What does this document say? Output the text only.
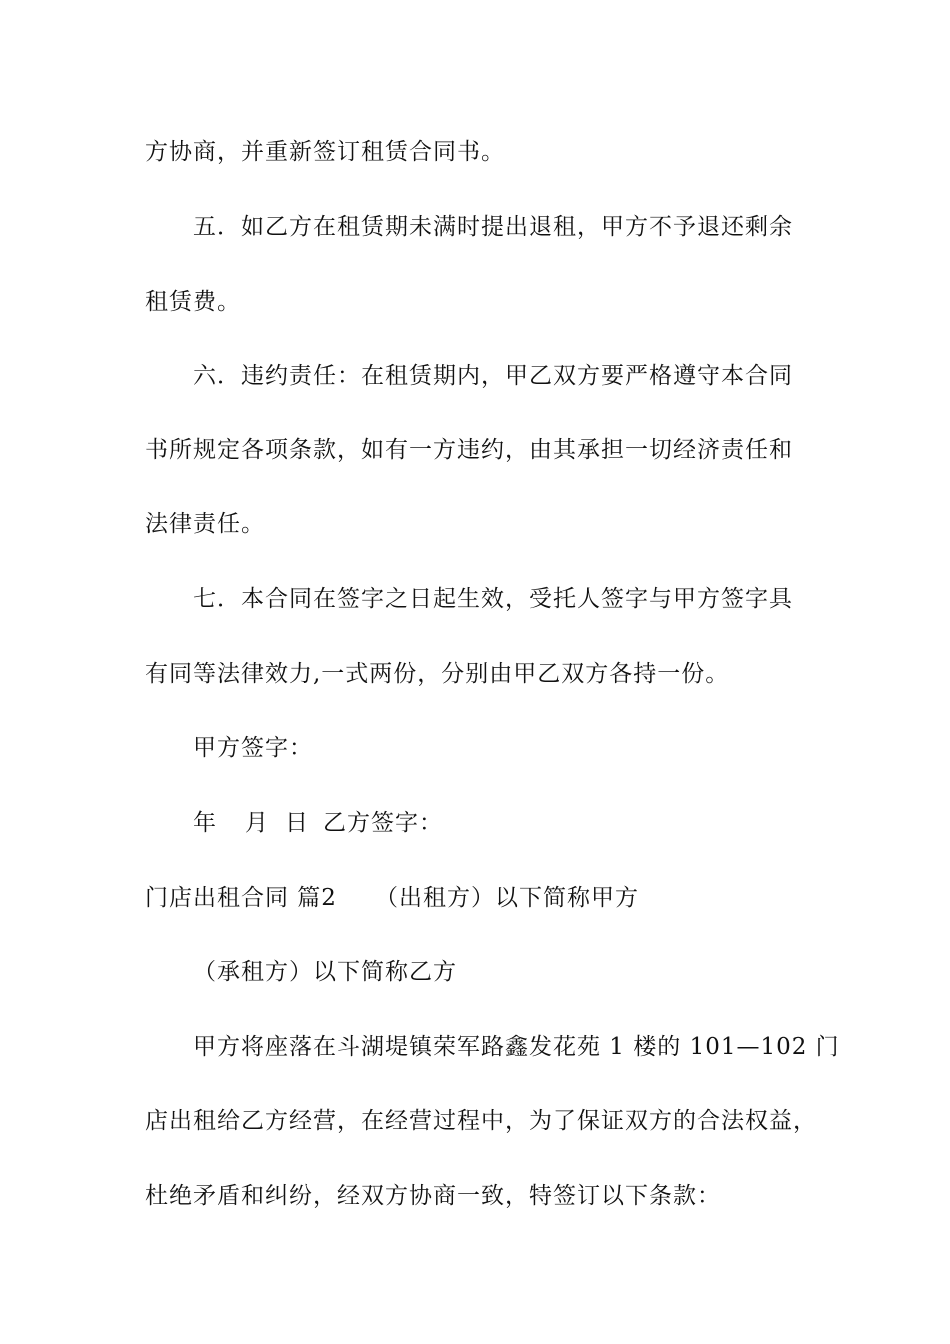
方协商，并重新签订租赁合同书。
五．如乙方在租赁期未满时提出退租，甲方不予退还剩余
租赁费。
六．违约责任：在租赁期内，甲乙双方要严格遵守本合同
书所规定各项条款，如有一方违约，由其承担一切经济责任和
法律责任。
七．本合同在签字之日起生效，受托人签字与甲方签字具
有同等法律效力,一式两份，分别由甲乙双方各持一份。
甲方签字：
年 月 日 乙方签字：
门店出租合同 篇2 （出租方）以下简称甲方
（承租方）以下简称乙方
甲方将座落在斗湖堤镇荣军路鑫发花苑 1 楼的 101—102 门
店出租给乙方经营，在经营过程中，为了保证双方的合法权益，
杜绝矛盾和纠纷，经双方协商一致，特签订以下条款：
